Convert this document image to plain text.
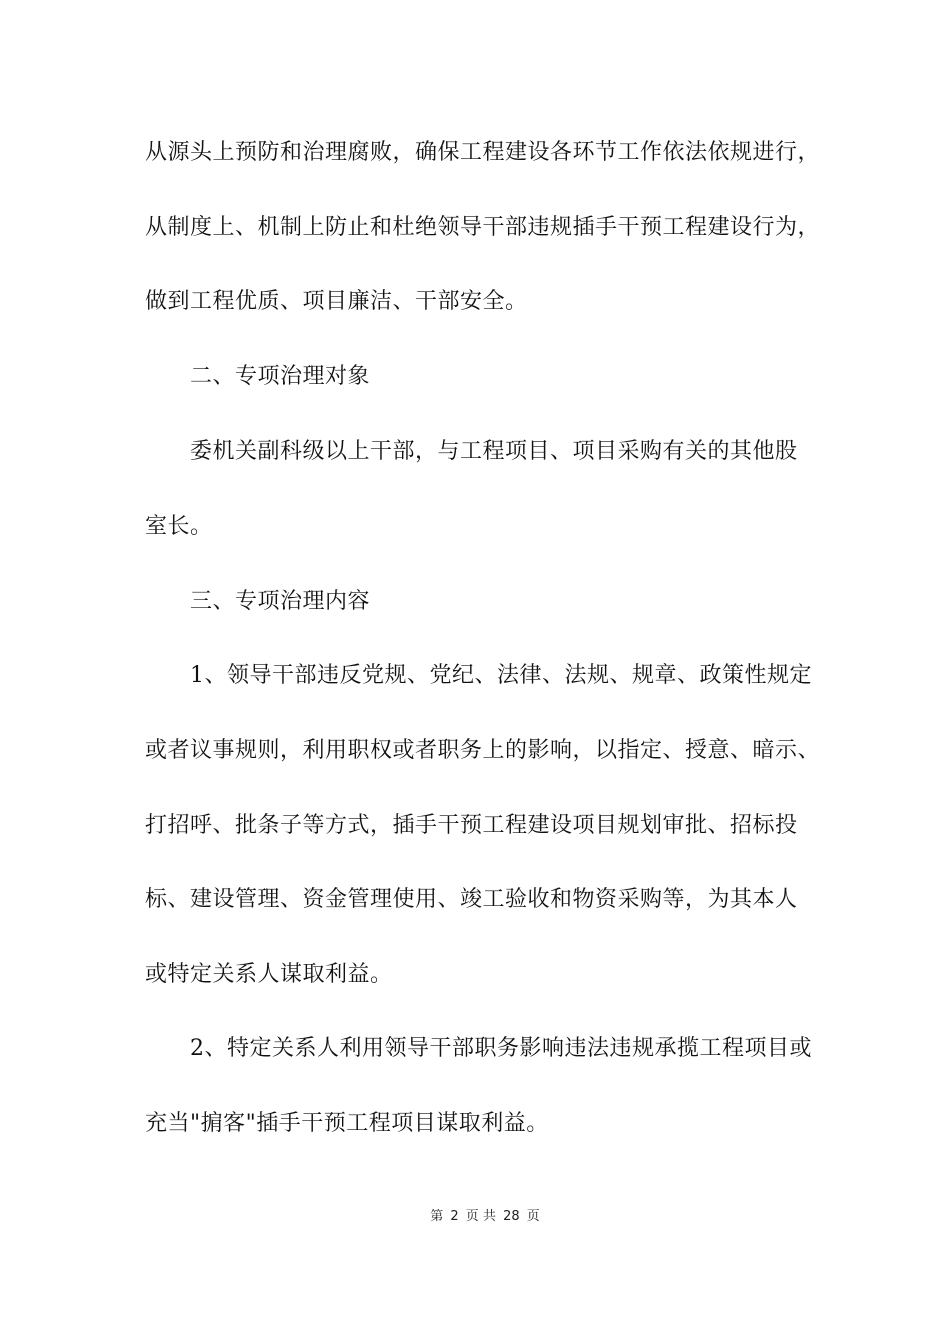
从源头上预防和治理腐败，确保工程建设各环节工作依法依规进行，
从制度上、机制上防止和杜绝领导干部违规插手干预工程建设行为，
做到工程优质、项目廉洁、干部安全。
二、专项治理对象
委机关副科级以上干部，与工程项目、项目采购有关的其他股
室长。
三、专项治理内容
1、领导干部违反党规、党纪、法律、法规、规章、政策性规定
或者议事规则，利用职权或者职务上的影响，以指定、授意、暗示、
打招呼、批条子等方式，插手干预工程建设项目规划审批、招标投
标、建设管理、资金管理使用、竣工验收和物资采购等，为其本人
或特定关系人谋取利益。
2、特定关系人利用领导干部职务影响违法违规承揽工程项目或
充当"掮客"插手干预工程项目谋取利益。
第 2 页 共 28 页
